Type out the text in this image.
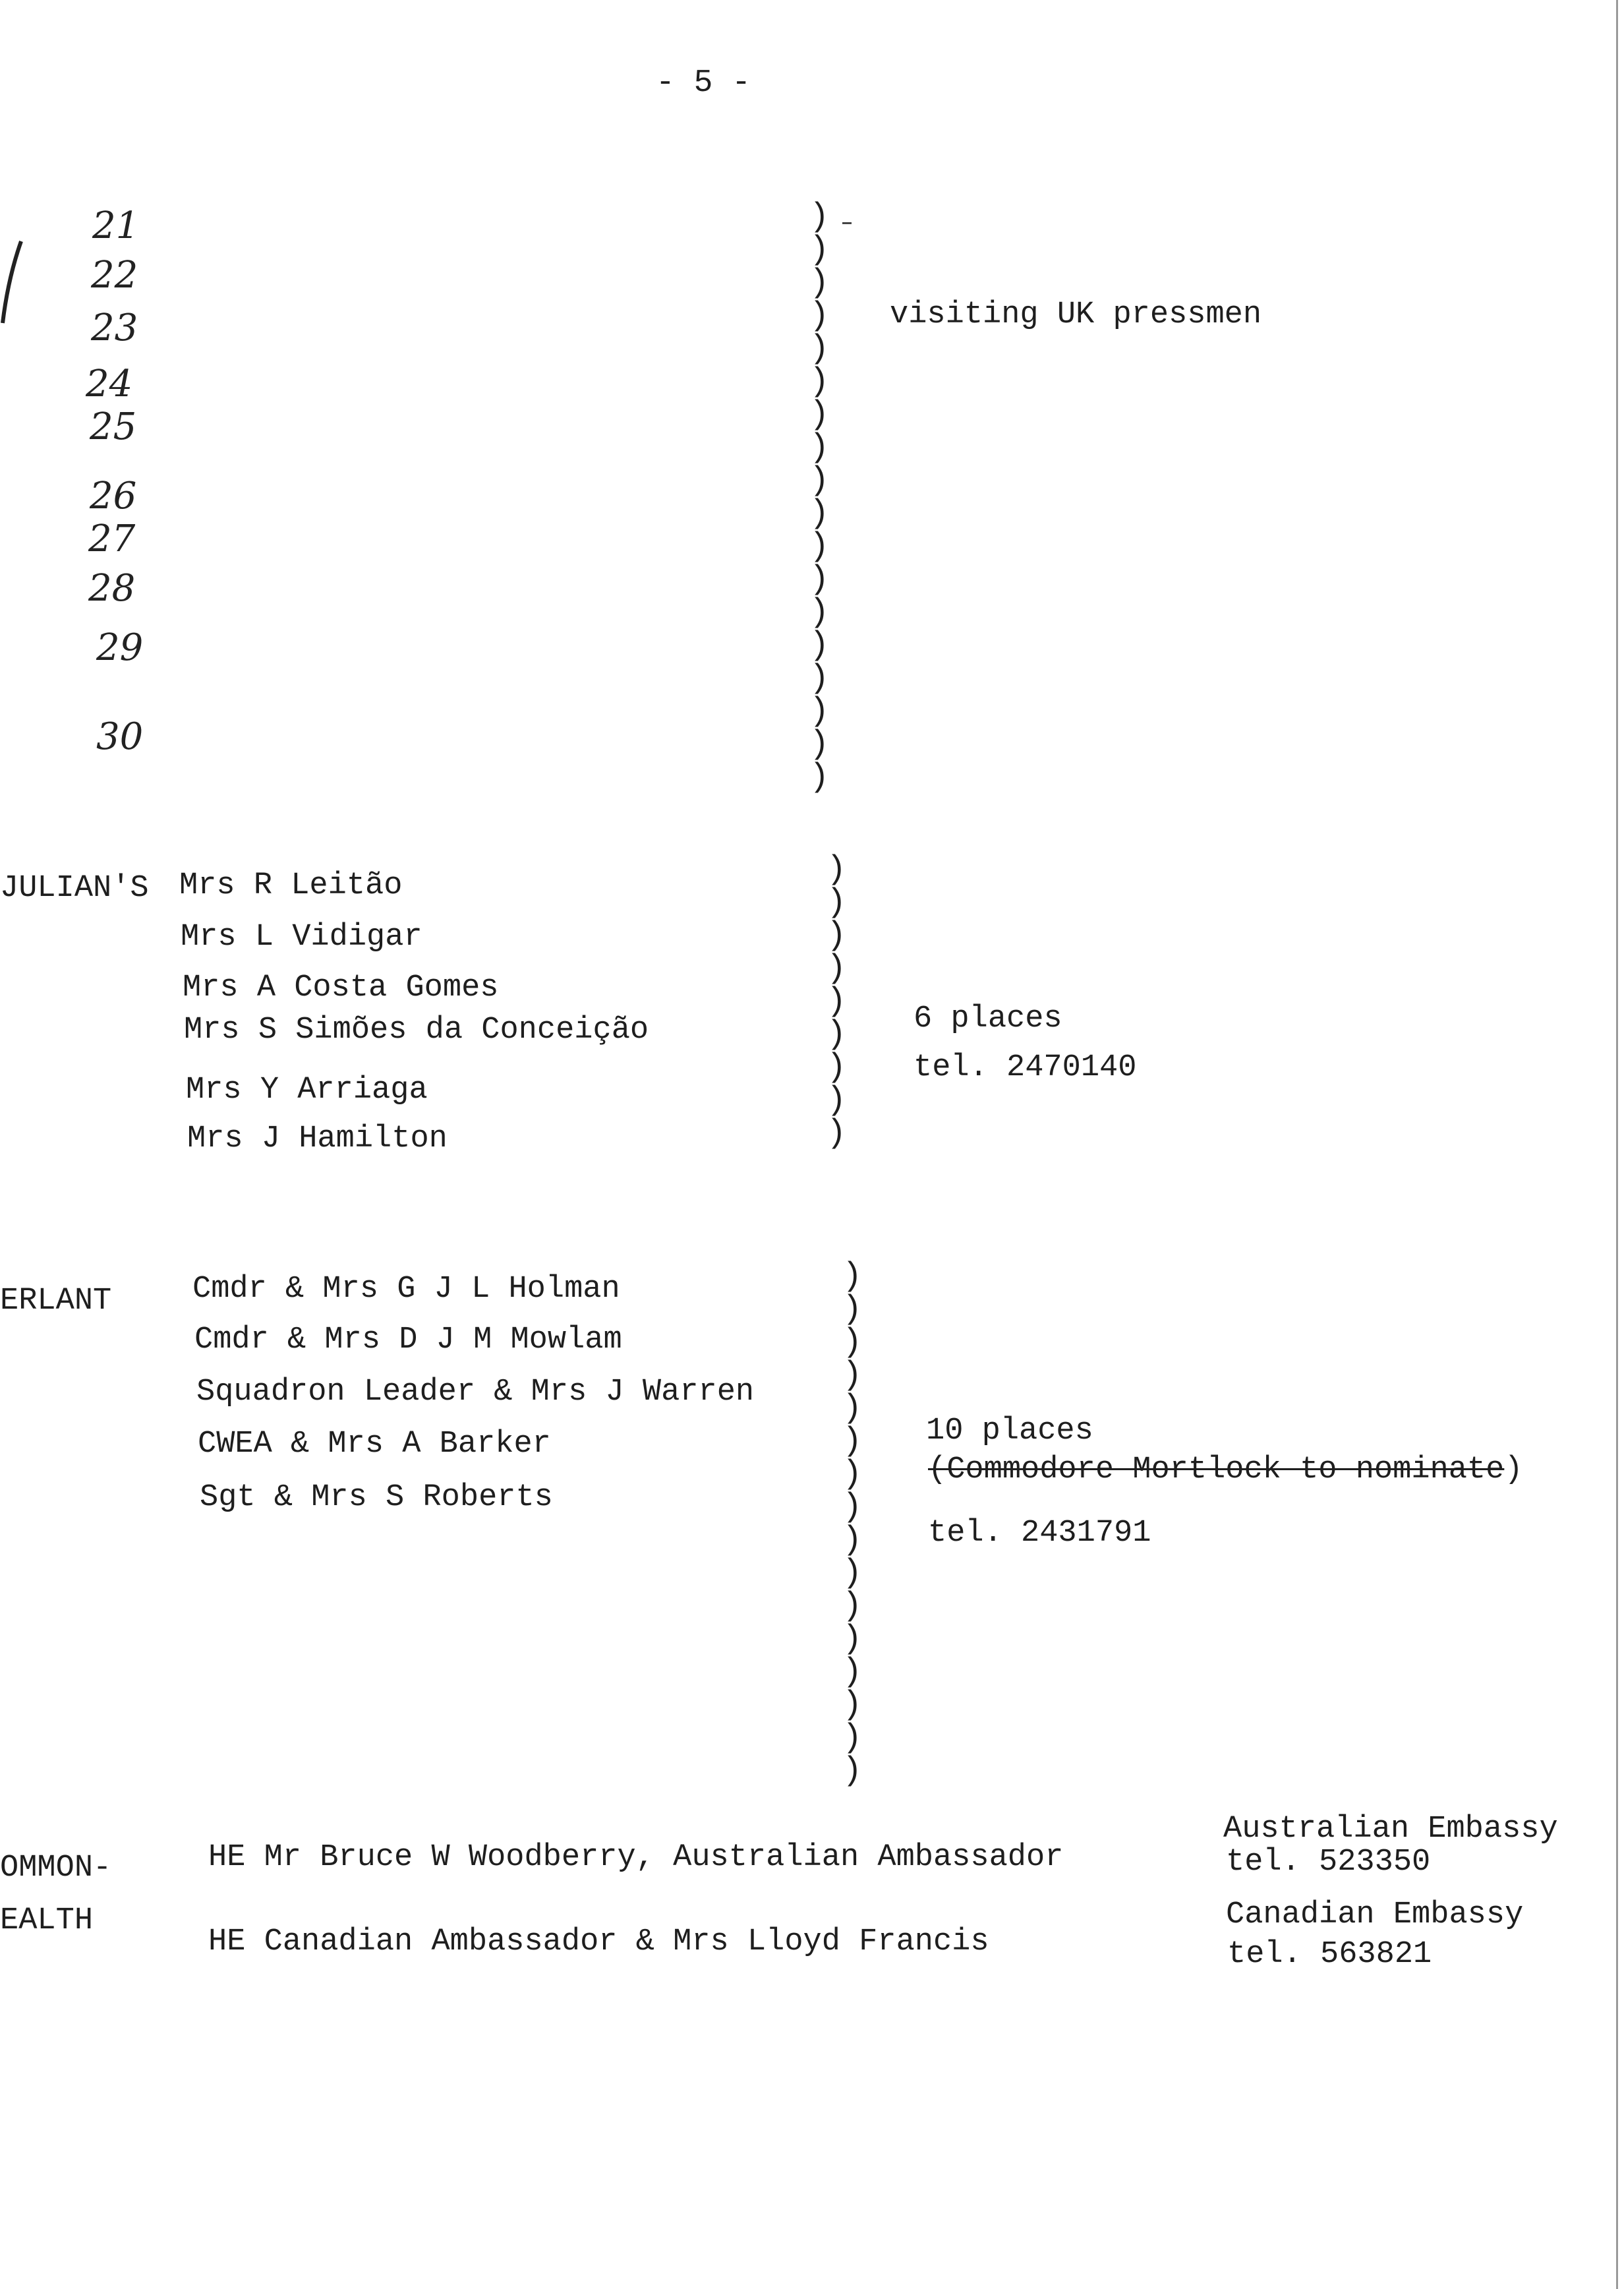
- 5 -
21
22
23
24
25
26
27
28
29
30
)
)
)
)
)
)
)
)
)
)
)
)
)
)
)
)
)
)
visiting UK pressmen
JULIAN'S Mrs R Leitão
Mrs L Vidigar
Mrs A Costa Gomes
Mrs S Simões da Conceição
Mrs Y Arriaga
Mrs J Hamilton
)
)
)
)
)
)
)
)
)
6 places
tel. 2470140
ERLANT	Cmdr & Mrs G J L Holman
Cmdr & Mrs D J M Mowlam
Squadron Leader & Mrs J Warren
CWEA & Mrs A Barker
Sgt & Mrs S Roberts
)
)
)
)
)
)
)
)
)
)
)
)
)
)
)
)
10 places
(Commodore Mortlock to nominate)
tel. 2431791
OMMON-
EALTH
HE Mr Bruce W Woodberry, Australian Ambassador
HE Canadian Ambassador & Mrs Lloyd Francis
Australian Embassy
tel. 523350
Canadian Embassy
tel. 563821
